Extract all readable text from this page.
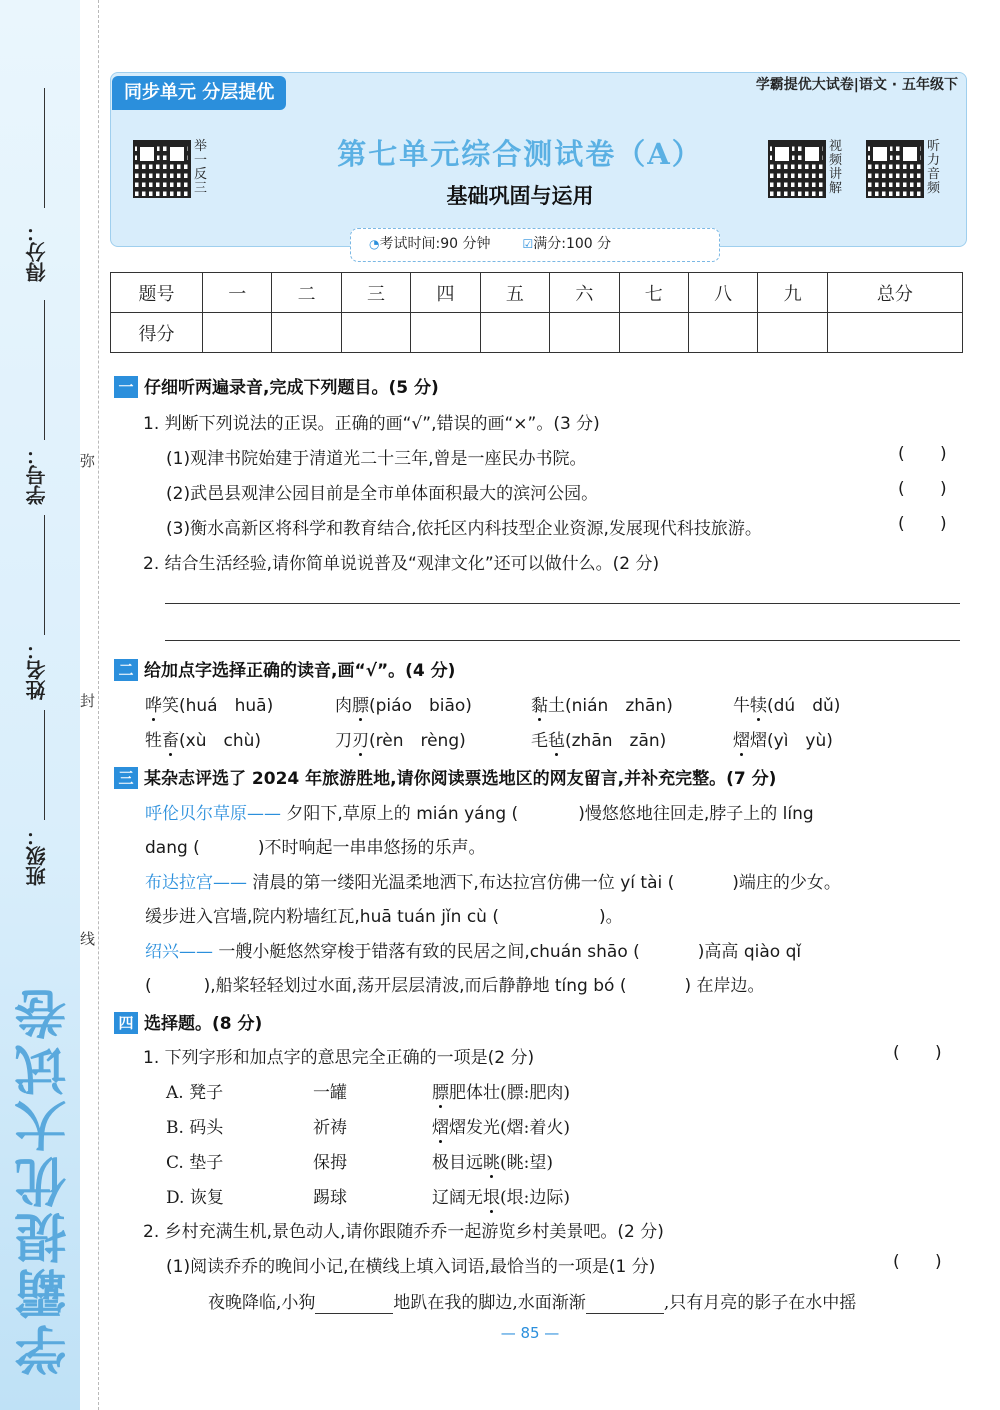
得分：
学号：
姓名：
班级：
弥
封
线
学霸提优大试卷
同步单元 分层提优	学霸提优大试卷|语文 · 五年级下
举一反三
视频讲解
听力音频
第七单元综合测试卷（A）
基础巩固与运用
◔考试时间:90 分钟	☑满分:100 分
题号	一	二	三	四	五	六	七	八	九	总分
得分										
一 仔细听两遍录音,完成下列题目。(5 分)
1. 判断下列说法的正误。正确的画“√”,错误的画“×”。(3 分)
(1)观津书院始建于清道光二十三年,曾是一座民办书院。	( )
(2)武邑县观津公园目前是全市单体面积最大的滨河公园。	( )
(3)衡水高新区将科学和教育结合,依托区内科技型企业资源,发展现代科技旅游。	( )
2. 结合生活经验,请你简单说说普及“观津文化”还可以做什么。(2 分)
二 给加点字选择正确的读音,画“√”。(4 分)
哗笑(huá　huā)	肉膘(piáo　biāo)	黏土(nián　zhān)	牛犊(dú　dǔ)
牲畜(xù　chù)	刀刃(rèn　rèng)	毛毡(zhān　zān)	熠熠(yì　yù)
三 某杂志评选了 2024 年旅游胜地,请你阅读票选地区的网友留言,并补充完整。(7 分)
呼伦贝尔草原—— 夕阳下,草原上的 mián yáng (	)慢悠悠地往回走,脖子上的 líng
dang (	)不时响起一串串悠扬的乐声。
布达拉宫—— 清晨的第一缕阳光温柔地洒下,布达拉宫仿佛一位 yí tài (	)端庄的少女。
缓步进入宫墙,院内粉墙红瓦,huā tuán jǐn cù (	)。
绍兴—— 一艘小艇悠然穿梭于错落有致的民居之间,chuán shāo (	)高高 qiào qǐ
(	),船桨轻轻划过水面,荡开层层清波,而后静静地 tíng bó (	) 在岸边。
四 选择题。(8 分)
1. 下列字形和加点字的意思完全正确的一项是(2 分)	( )
A. 凳子	一罐	膘肥体壮(膘:肥肉)
B. 码头	祈祷	熠熠发光(熠:着火)
C. 垫子	保拇	极目远眺(眺:望)
D. 诙复	踢球	辽阔无垠(垠:边际)
2. 乡村充满生机,景色动人,请你跟随乔乔一起游览乡村美景吧。(2 分)
(1)阅读乔乔的晚间小记,在横线上填入词语,最恰当的一项是(1 分)	( )
夜晚降临,小狗	地趴在我的脚边,水面渐渐	,只有月亮的影子在水中摇
— 85 —
